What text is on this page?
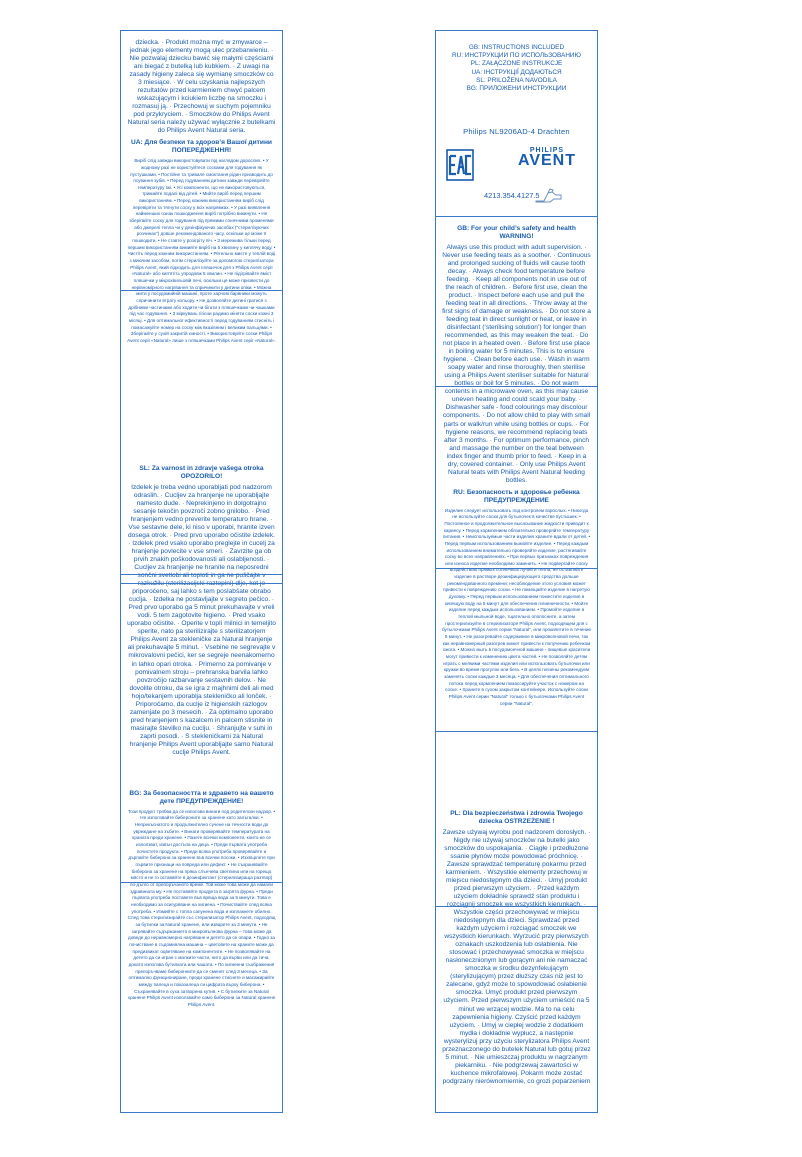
dziecka. · Produkt można myć w zmywarce – jednak jego elementy mogą ulec przebarwieniu. · Nie pozwalaj dziecku bawić się małymi częściami ani biegać z butelką lub kubkiem. · Z uwagi na zasady higieny zaleca się wymianę smoczków co 3 miesiące. · W celu uzyskania najlepszych rezultatów przed karmieniem chwyć palcem wskazującym i kciukiem liczbę na smoczku i rozmasuj ją. · Przechowuj w suchym pojemniku pod przykryciem. · Smoczków do Philips Avent Natural seria należy używać wyłącznie z butelkami do Philips Avent Natural seria.

UA: Для безпеки та здоров’я Вашої дитини ПОПЕРЕДЖЕННЯ!

Виріб слід завжди використовувати під наглядом дорослих. • У жодному разі не користуйтеся сосками для годування як пустушками. • Постійне та тривале смоктання рідин призводить до псування зубів. • Перед годуванням дитини завжди перевіряйте температуру їжі. • Усі компоненти, що не використовуються, тримайте подалі від дітей. • Мийте виріб перед першим використанням. • Перед кожним використанням виріб слід перевіряти та тягнути соску у всіх напрямках. • У разі виявлення найменших ознак пошкодження виріб потрібно викинути. • Не зберігайте соску для годування під прямими сонячними променями або джерелі тепла чи у дезінфікуючих засобах ("стерилізуючих розчинах") довше рекомендованого часу, оскільки це може її пошкодити. • Не ставте у розігріту піч. • З мережива тільки перед першим використанням вимийте виріб на 5 хвилину у киплячу воду. • Чистіть перед кожним використанням. • Ретельно миєте у теплій воді з миючим засобом, потім стерилізуйте за допомогою стерилізатора Philips Avent, який підходить для пляшечок для з Philips Avent серії «Natural» або кип'ятіть упродовж 5 хвилин. • Не підігрівайте вміст пляшечки у мікрохвильовій печі, оскільки це може призвести до нерівномірного нагрівання та спричинити у дитини опіки. • Можна мити у посудомийній машині, проте харчові барвники можуть спричинити втрату кольору. • Не дозволяйте дитині гратися з дрібними частинами або ходити чи бігати з пляшечками чи чашками під час годування. • З міркувань гігієни радимо міняти соски кожні 3 місяці. • Для оптимальної ефективності перед годуванням стисніть і помасажуйте номер на соску між вказівним і великим пальцями. • Зберігайте у сухій закритій ємності. • Використовуйте соски Philips Avent серії «Natural» лише з пляшечками Philips Avent серії «Natural».

SL: Za varnost in zdravje vašega otroka OPOZORILO!

Izdelek je treba vedno uporabljati pod nadzorom odraslih. · Cucljev za hranjenje ne uporabljajte namesto dude. · Neprekinjeno in dolgotrajno sesanje tekočin povzroči zobno gnilobo. · Pred hranjenjem vedno preverite temperaturo hrane. · Vse sestavne dele, ki niso v uporabi, hranite izven dosega otrok. · Pred prvo uporabo očistite izdelek. · Izdelek pred vsako uporabo preglejte in cucelj za hranjenje povlecite v vse smeri. · Zavrzite ga ob prvih znakih poškodovanosti ali oslabljenosti. · Cucljev za hranjenje ne hranite na neposredni sončni svetlobi ali toploti in ga ne puščajte v razkužilu (sterilizacijski raztopini) dlje, kot je priporočeno, saj lahko s tem poslabšate obrabo cuclja. · Izdelka ne postavljajte v segreto pečico. · Pred prvo uporabo ga 5 minut prekuhavajte v vreli vodi. 5 tem zagotovite higieno. · Pred vsako uporabo očistite. · Operite v toplí milnici in temeljito sperite, nato pa sterilizirajte s sterilizatorjem Philips Avent za stekleničke za Natural hranjenje ali prekuhavajte 5 minut. · Vsebine ne segrevajte v mikrovalovni pečici, ker se segreje neenakomerno in lahko opari otroka. · Primerno za pomivanje v pomivalnem stroju – prehranska barvila lahko povzročijo razbarvanje sestavnih delov. · Ne dovolite otroku, da se igra z majhnimi deli ali med hojo/tekanjem uporablja stekleničko ali lonček. · Priporočamo, da cuclje iz higienskih razlogov zamenjate po 3 mesecih. · Za optimalno uporabo pred hranjenjem s kazalcem in palcem stisnite in masirajte številko na cuclju. · Shranjujte v suhi in zaprti posodi. · S stekleničkami za Natural hranjenje Philips Avent uporabljajte samo Natural cuclje Philips Avent.

BG: За безопасността и здравето на вашето дете ПРЕДУПРЕЖДЕНИЕ!

Този продукт трябва да се използва винаги под родителски надзор. • Не използвайте бибероните за хранене като залъгалки. • Непрекъснатото и продължително сучене на течности води до увреждане на зъбите. • Винаги проверявайте температурата на храната преди хранене. • Пазете всички компоненти, които не се използват, извън достъпа на деца. • Преди първата употреба почистете продукта. • Преди всяка употреба проверявайте и дърпайте биберона за хранене във всички посоки. • Изхвърлете при първите признаци на повреда или дефект. • Не съхранявайте биберона за хранене на пряка слънчева светлина или на горещо място и не го оставяйте в дезинфектант (стерилизираща разтвор) по-дълго от препоръчаното време. Той може това може да намали здравината му. • Не поставяйте продукта в загрята фурна. • Преди първата употреба поставете във вряща вода за 5 минути. Това е необходимо за осигуряване на хигиена. • Почиствайте след всяка употреба. • Измийте с топла сапунена вода и изплакнете обилно. След това стерилизирайте със стерилизатор Philips Avent, подходящ за бутилки за Natural хранене, или изварете за 3 минути. • Не загрявайте съдържанието в микровълнова фурна – това може да доведе до неравномерно нагряване и детето да се опари. • Годно за почистване в съдомиялна машина – цветовете на храните може да предизвикат оцветяване на компонентите. • Не позволявайте на детето да си играе с малките части, нито да върви или да тича, докато използва бутилката или чашата. • По хигиенни съображения препоръчваме биберонните да се сменят след 3 месеца. • За оптимално функциониране, преди хранене стиснете и масажирайте между палеца и показалеца си цифрата върху биберона. • Съхранявайте в суха затворена кутия. • С бутилките за Natural хранене Philips Avent използвайте само биберони за Natural хранене Philips Avent.

GB: INSTRUCTIONS INCLUDED
RU: ИНСТРУКЦИИ ПО ИСПОЛЬЗОВАНИЮ
PL: ZAŁĄCZONE INSTRUKCJE
UA: ІНСТРУКЦІЇ ДОДАЮТЬСЯ
SL: PRILOŽENA NAVODILA
BG: ПРИЛОЖЕНИ ИНСТРУКЦИИ
Philips NL9206AD-4 Drachten
PHILIPS
AVENT
4213.354.4127.5

GB: For your child’s safety and health WARNING!

Always use this product with adult supervision. · Never use feeding teats as a soother. · Continuous and prolonged sucking of fluids will cause tooth decay. · Always check food temperature before feeding. · Keep all components not in use out of the reach of children. · Before first use, clean the product. · Inspect before each use and pull the feeding teat in all directions. · Throw away at the first signs of damage or weakness. · Do not store a feeding teat in direct sunlight or heat, or leave in disinfectant (‘sterilising solution’) for longer than recommended, as this may weaken the teat. · Do not place in a heated oven. · Before first use place in boiling water for 5 minutes. This is to ensure hygiene. · Clean before each use. · Wash in warm soapy water and rinse thoroughly, then sterilise using a Philips Avent steriliser suitable for Natural bottles or boil for 5 minutes. · Do not warm contents in a microwave oven, as this may cause uneven heating and could scald your baby. · Dishwasher safe - food colourings may discolour components. · Do not allow child to play with small parts or walk/run while using bottles or cups. · For hygiene reasons, we recommend replacing teats after 3 months. · For optimum performance, pinch and massage the number on the teat between index finger and thumb prior to feed. · Keep in a dry, covered container. · Only use Philips Avent Natural teats with Philips Avent Natural feeding bottles.

RU: Безопасность и здоровье ребенка ПРЕДУПРЕЖДЕНИЕ

Изделие следует использовать под контролем взрослых. • Никогда не используйте соски для бутылочек в качестве пустышек. • Постоянное и продолжительное высасывание жидкости приводит к кариесу. • Перед кормлением обязательно проверяйте температуру питания. • Неиспользуемые части изделия храните вдали от детей. • Перед первым использованием вымойте изделие. • Перед каждым использованием внимательно проверяйте изделие, растягивайте соску во всех направлениях. • При первых признаках повреждения или износа изделие необходимо заменить. • Не подвергайте соску воздействию прямых солнечных лучей и тепла, не оставляйте изделие в растворе дезинфицирующего средства дольше рекомендованного времени; несоблюдение этого условия может привести к повреждению соски. • Не помещайте изделие в нагретую духовку. • Перед первым использованием поместите изделие в кипящую воду на 5 минут для обеспечения гигиеничности. • Мойте изделие перед каждым использованием. • Промойте изделие в теплой мыльной воде, тщательно ополосните, а затем простерилизуйте в стерилизаторе Philips Avent, подходящем для с бутылочками Philips Avent серии "Natural", или прокипятите в течение 5 минут. • Не разогревайте содержимое в микроволновой печи, так как неравномерный разогрев может привести к получению ребенком ожога. • Можно мыть в посудомоечной машине - пищевые красители могут привести к изменению цвета частей. • Не позволяйте детям играть с мелкими частями изделия или использовать бутылочки или кружки во время прогулок или бега. • В целях гигиены рекомендуем заменять соски каждые 3 месяца. • Для обеспечения оптимального потока перед кормлением помассируйте участок с номером на соске. • Храните в сухом закрытом контейнере. Используйте соски Philips Avent серии "Natural" только с бутылочками Philips Avent серии "Natural".

PL: Dla bezpieczeństwa i zdrowia Twojego dziecka OSTRZEŻENIE !

Zawsze używaj wyrobu pod nadzorem dorosłych. · Nigdy nie używaj smoczków na butelki jako smoczków do uspokajania. · Ciągłe i przedłużone ssanie płynów może powodować próchnicę. · Zawsze sprawdzać temperaturę pokarmu przed karmieniem. · Wszystkie elementy przechowuj w miejscu niedostępnym dla dzieci. · Umyj produkt przed pierwszym użyciem. · Przed każdym użyciem dokładnie sprawdź stan produktu i rozciągnij smoczek we wszystkich kierunkach. · Wszystkie części przechowywać w miejscu niedostępnym dla dzieci. Sprawdzać przed każdym użyciem i rozciągać smoczek we wszystkich kierunkach. Wyrzucić przy pierwszych oznakach uszkodzenia lub osłabienia. Nie stosować i przechowywać smoczka w miejscu nasłonecznionym lub gorącym ani nie namaczać smoczka w środku dezynfekującym (sterylizującym) przez dłuższy czas niż jest to zalecane, gdyż może to spowodować osłabienie smoczka. Umyć produkt przed pierwszym użyciem. Przed pierwszym użyciem umieścić na 5 minut we wrzącej wodzie. Ma to na celu zapewnienia higieny. Czyścić przed każdym użyciem. · Umyj w ciepłej wodzie z dodatkiem mydła i dokładnie wypłucz, a następnie wysterylizuj przy użyciu sterylizatora Philips Avent przeznaczonego do butelek Natural lub gotuj przez 5 minut. · Nie umieszczaj produktu w nagrzanym piekarniku. · Nie podgrzewaj zawartości w kuchence mikrofalowej. Pokarm może zostać podgrzany nierównomiernie, co grozi poparzeniem
